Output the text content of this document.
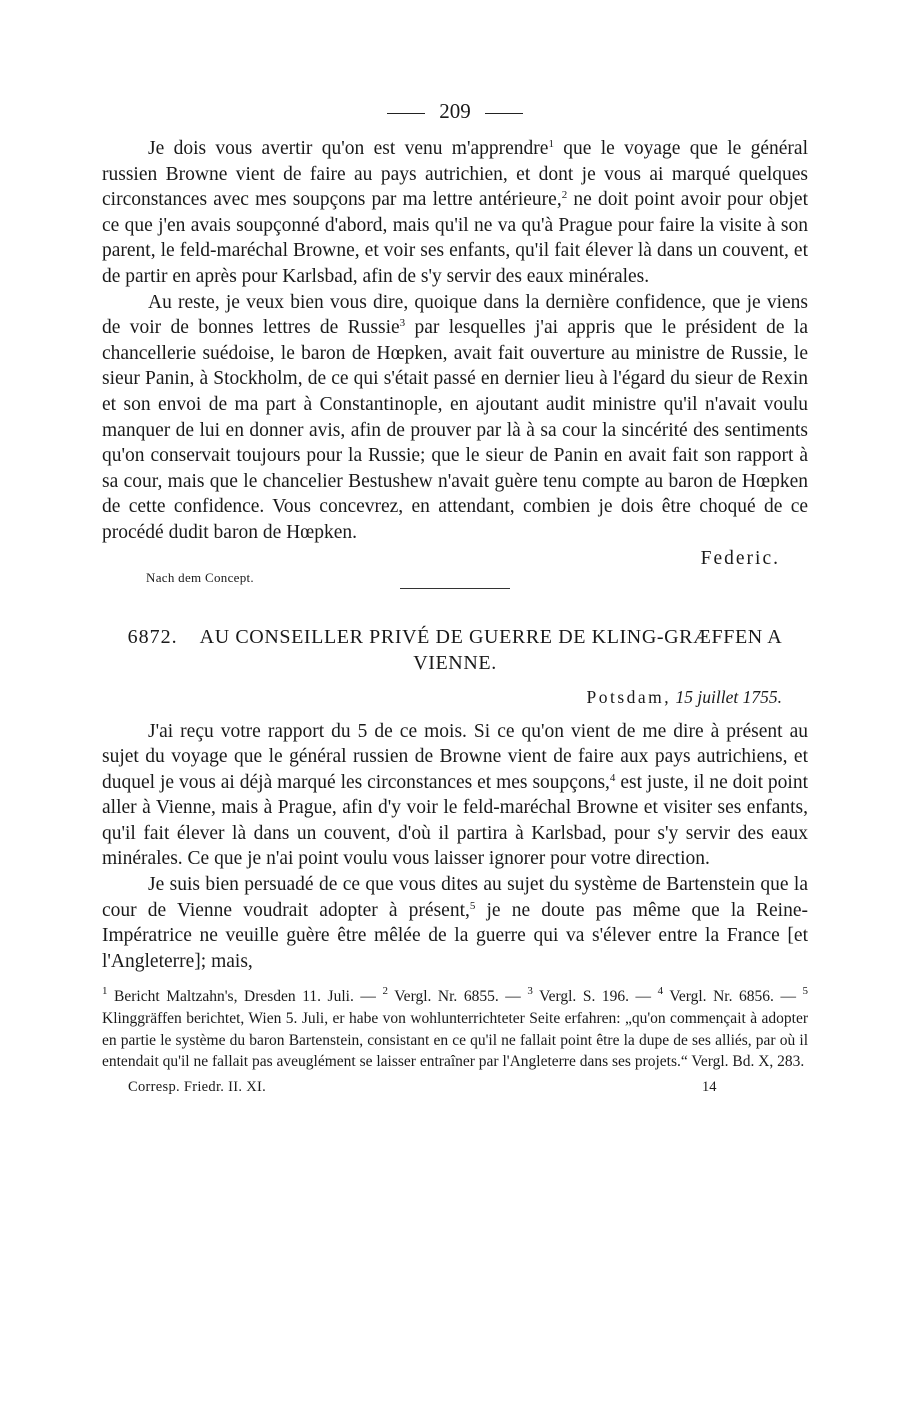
209

Je dois vous avertir qu'on est venu m'apprendre$^1$ que le voyage que le général russien Browne vient de faire au pays autrichien, et dont je vous ai marqué quelques circonstances avec mes soupçons par ma lettre antérieure,$^2$ ne doit point avoir pour objet ce que j'en avais soupçonné d'abord, mais qu'il ne va qu'à Prague pour faire la visite à son parent, le feld-maréchal Browne, et voir ses enfants, qu'il fait élever là dans un couvent, et de partir en après pour Karlsbad, afin de s'y servir des eaux minérales.

Au reste, je veux bien vous dire, quoique dans la dernière confidence, que je viens de voir de bonnes lettres de Russie$^3$ par lesquelles j'ai appris que le président de la chancellerie suédoise, le baron de Hœpken, avait fait ouverture au ministre de Russie, le sieur Panin, à Stockholm, de ce qui s'était passé en dernier lieu à l'égard du sieur de Rexin et son envoi de ma part à Constantinople, en ajoutant audit ministre qu'il n'avait voulu manquer de lui en donner avis, afin de prouver par là à sa cour la sincérité des sentiments qu'on conservait toujours pour la Russie; que le sieur de Panin en avait fait son rapport à sa cour, mais que le chancelier Bestushew n'avait guère tenu compte au baron de Hœpken de cette confidence. Vous concevrez, en attendant, combien je dois être choqué de ce procédé dudit baron de Hœpken.

Federic.
Nach dem Concept.
6872. AU CONSEILLER PRIVÉ DE GUERRE DE KLING-GRÆFFEN A VIENNE.
Potsdam, 15 juillet 1755.

J'ai reçu votre rapport du 5 de ce mois. Si ce qu'on vient de me dire à présent au sujet du voyage que le général russien de Browne vient de faire aux pays autrichiens, et duquel je vous ai déjà marqué les circonstances et mes soupçons,$^4$ est juste, il ne doit point aller à Vienne, mais à Prague, afin d'y voir le feld-maréchal Browne et visiter ses enfants, qu'il fait élever là dans un couvent, d'où il partira à Karlsbad, pour s'y servir des eaux minérales. Ce que je n'ai point voulu vous laisser ignorer pour votre direction.

Je suis bien persuadé de ce que vous dites au sujet du système de Bartenstein que la cour de Vienne voudrait adopter à présent,$^5$ je ne doute pas même que la Reine-Impératrice ne veuille guère être mêlée de la guerre qui va s'élever entre la France [et l'Angleterre]; mais,

$^1$ Bericht Maltzahn's, Dresden 11. Juli. — $^2$ Vergl. Nr. 6855. — $^3$ Vergl. S. 196. — $^4$ Vergl. Nr. 6856. — $^5$ Klinggräffen berichtet, Wien 5. Juli, er habe von wohlunterrichteter Seite erfahren: „qu'on commençait à adopter en partie le système du baron Bartenstein, consistant en ce qu'il ne fallait point être la dupe de ses alliés, par où il entendait qu'il ne fallait pas aveuglément se laisser entraîner par l'Angleterre dans ses projets.“ Vergl. Bd. X, 283.
Corresp. Friedr. II. XI.	14
